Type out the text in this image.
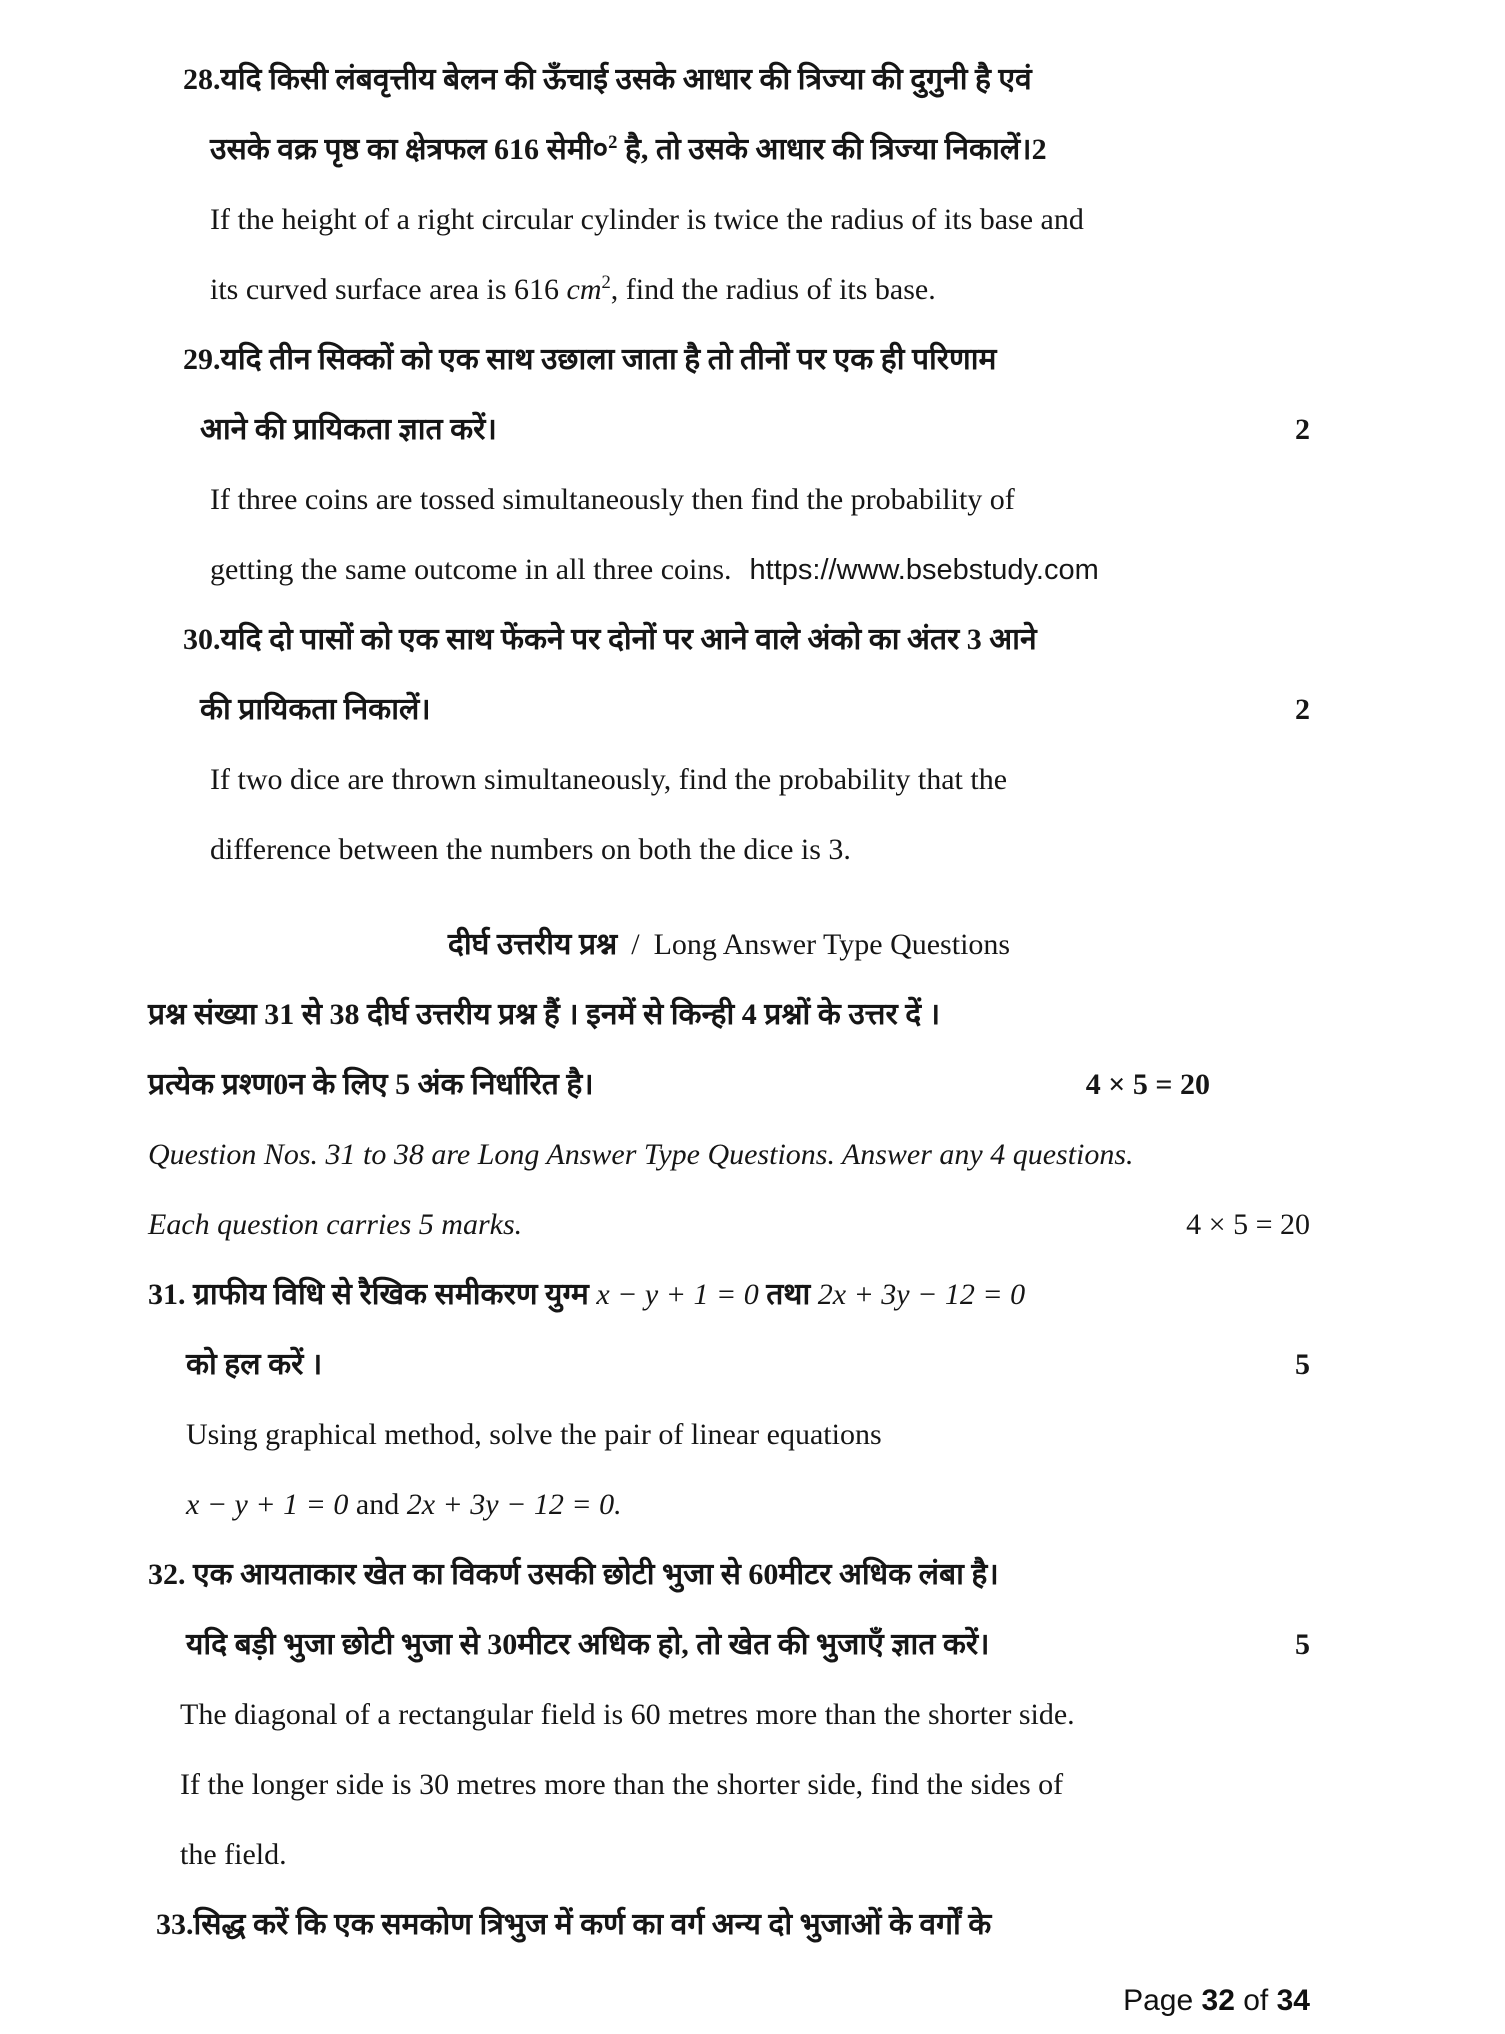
28.यदि किसी लंबवृत्तीय बेलन की ऊँचाई उसके आधार की त्रिज्या की दुगुनी है एवं
उसके वक्र पृष्ठ का क्षेत्रफल 616 $सेमी०^2$ है, तो उसके आधार की त्रिज्या निकालें।2
If the height of a right circular cylinder is twice the radius of its base and
its curved surface area is 616 $cm^2$, find the radius of its base.
29.यदि तीन सिक्कों को एक साथ उछाला जाता है तो तीनों पर एक ही परिणाम
आने की प्रायिकता ज्ञात करें।	2
If three coins are tossed simultaneously then find the probability of
getting the same outcome in all three coins. https://www.bsebstudy.com
30.यदि दो पासों को एक साथ फेंकने पर दोनों पर आने वाले अंको का अंतर 3 आने
की प्रायिकता निकालें।	2
If two dice are thrown simultaneously, find the probability that the
difference between the numbers on both the dice is 3.
दीर्घ उत्तरीय प्रश्न / Long Answer Type Questions
प्रश्न संख्या 31 से 38 दीर्घ उत्तरीय प्रश्न हैं । इनमें से किन्ही 4 प्रश्नों के उत्तर दें ।
प्रत्येक प्रश्ण0न के लिए 5 अंक निर्धारित है।	4 × 5 = 20
Question Nos. 31 to 38 are Long Answer Type Questions. Answer any 4 questions.
Each question carries 5 marks.	4 × 5 = 20
31. ग्राफीय विधि से रैखिक समीकरण युग्म x − y + 1 = 0 तथा 2x + 3y − 12 = 0
को हल करें ।	5
Using graphical method, solve the pair of linear equations
x − y + 1 = 0 and 2x + 3y − 12 = 0.
32. एक आयताकार खेत का विकर्ण उसकी छोटी भुजा से 60मीटर अधिक लंबा है।
यदि बड़ी भुजा छोटी भुजा से 30मीटर अधिक हो, तो खेत की भुजाएँ ज्ञात करें।	5
The diagonal of a rectangular field is 60 metres more than the shorter side.
If the longer side is 30 metres more than the shorter side, find the sides of
the field.
33.सिद्ध करें कि एक समकोण त्रिभुज में कर्ण का वर्ग अन्य दो भुजाओं के वर्गों के
Page 32 of 34
